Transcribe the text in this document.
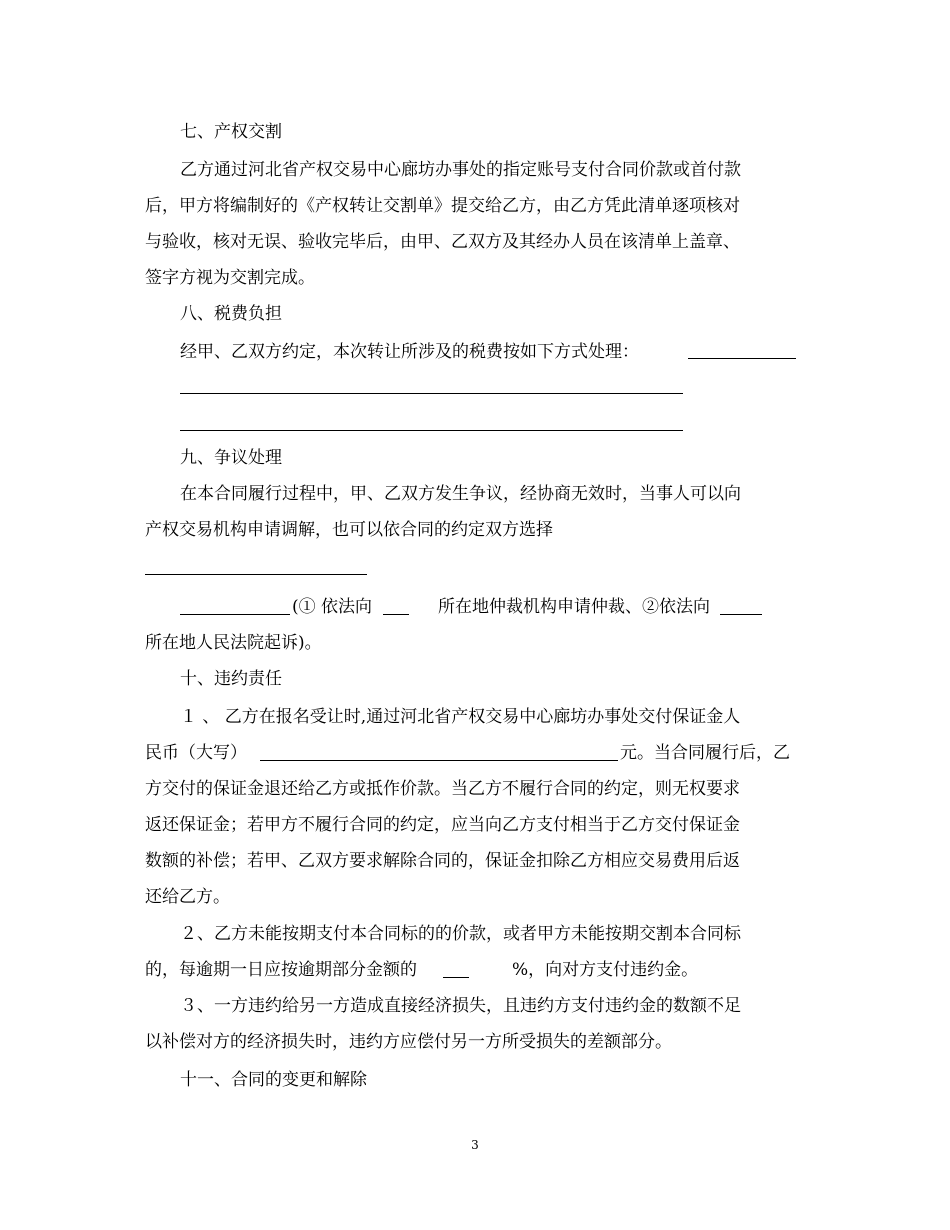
七、产权交割
乙方通过河北省产权交易中心廊坊办事处的指定账号支付合同价款或首付款
后，甲方将编制好的《产权转让交割单》提交给乙方，由乙方凭此清单逐项核对
与验收，核对无误、验收完毕后，由甲、乙双方及其经办人员在该清单上盖章、
签字方视为交割完成。
八、税费负担
经甲、乙双方约定，本次转让所涉及的税费按如下方式处理：
九、争议处理
在本合同履行过程中，甲、乙双方发生争议，经协商无效时，当事人可以向
产权交易机构申请调解，也可以依合同的约定双方选择
(① 依法向	所在地仲裁机构申请仲裁、②依法向
所在地人民法院起诉)。
十、违约责任
１ 、 乙方在报名受让时,通过河北省产权交易中心廊坊办事处交付保证金人
民币（大写）	元。当合同履行后，乙
方交付的保证金退还给乙方或抵作价款。当乙方不履行合同的约定，则无权要求
返还保证金；若甲方不履行合同的约定，应当向乙方支付相当于乙方交付保证金
数额的补偿；若甲、乙双方要求解除合同的，保证金扣除乙方相应交易费用后返
还给乙方。
２、乙方未能按期支付本合同标的的价款，或者甲方未能按期交割本合同标
的，每逾期一日应按逾期部分金额的	%，向对方支付违约金。
３、一方违约给另一方造成直接经济损失，且违约方支付违约金的数额不足
以补偿对方的经济损失时，违约方应偿付另一方所受损失的差额部分。
十一、合同的变更和解除
3
